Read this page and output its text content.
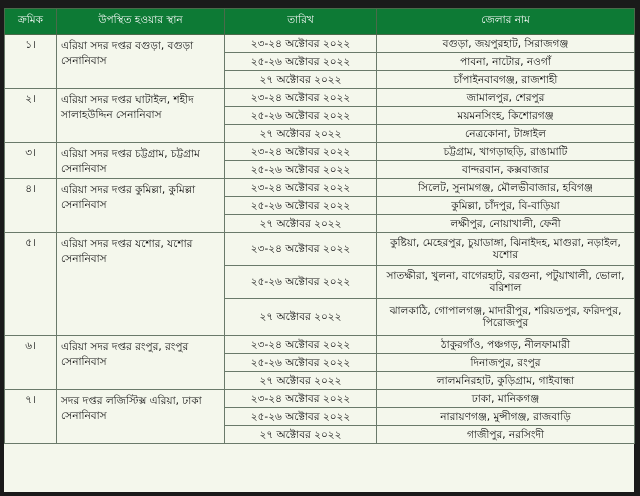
ক্রমিক	উপস্থিত হওয়ার স্থান	তারিখ	জেলার নাম
১।	এরিয়া সদর দপ্তর বগুড়া, বগুড়া সেনানিবাস	২৩-২৪ অক্টোবর ২০২২	বগুড়া, জয়পুরহাট, সিরাজগঞ্জ
		২৫-২৬ অক্টোবর ২০২২	পাবনা, নাটোর, নওগাঁ
		২৭ অক্টোবর ২০২২	চাঁপাইনবাবগঞ্জ, রাজশাহী
২।	এরিয়া সদর দপ্তর ঘাটাইল, শহীদ সালাহউদ্দিন সেনানিবাস	২৩-২৪ অক্টোবর ২০২২	জামালপুর, শেরপুর
		২৫-২৬ অক্টোবর ২০২২	ময়মনসিংহ, কিশোরগঞ্জ
		২৭ অক্টোবর ২০২২	নেত্রকোনা, টাঙ্গাইল
৩।	এরিয়া সদর দপ্তর চট্টগ্রাম, চট্টগ্রাম সেনানিবাস	২৩-২৪ অক্টোবর ২০২২	চট্টগ্রাম, খাগড়াছড়ি, রাঙামাটি
		২৫-২৬ অক্টোবর ২০২২	বান্দরবান, কক্সবাজার
৪।	এরিয়া সদর দপ্তর কুমিল্লা, কুমিল্লা সেনানিবাস	২৩-২৪ অক্টোবর ২০২২	সিলেট, সুনামগঞ্জ, মৌলভীবাজার, হবিগঞ্জ
		২৫-২৬ অক্টোবর ২০২২	কুমিল্লা, চাঁদপুর, বি-বাড়িয়া
		২৭ অক্টোবর ২০২২	লক্ষীপুর, নোয়াখালী, ফেনী
৫।	এরিয়া সদর দপ্তর যশোর, যশোর সেনানিবাস	২৩-২৪ অক্টোবর ২০২২	কুষ্টিয়া, মেহেরপুর, চুয়াডাঙ্গা, ঝিনাইদহ, মাগুরা, নড়াইল, যশোর
		২৫-২৬ অক্টোবর ২০২২	সাতক্ষীরা, খুলনা, বাগেরহাট, বরগুনা, পটুয়াখালী, ভোলা, বরিশাল
		২৭ অক্টোবর ২০২২	ঝালকাঠি, গোপালগঞ্জ, মাদারীপুর, শরিয়তপুর, ফরিদপুর, পিরোজপুর
৬।	এরিয়া সদর দপ্তর রংপুর, রংপুর সেনানিবাস	২৩-২৪ অক্টোবর ২০২২	ঠাকুরগাঁও, পঞ্চগড়, নীলফামারী
		২৫-২৬ অক্টোবর ২০২২	দিনাজপুর, রংপুর
		২৭ অক্টোবর ২০২২	লালমনিরহাট, কুড়িগ্রাম, গাইবান্ধা
৭।	সদর দপ্তর লজিস্টিক্স এরিয়া, ঢাকা সেনানিবাস	২৩-২৪ অক্টোবর ২০২২	ঢাকা, মানিকগঞ্জ
		২৫-২৬ অক্টোবর ২০২২	নারায়ণগঞ্জ, মুন্সীগঞ্জ, রাজবাড়ি
		২৭ অক্টোবর ২০২২	গাজীপুর, নরসিংদী
